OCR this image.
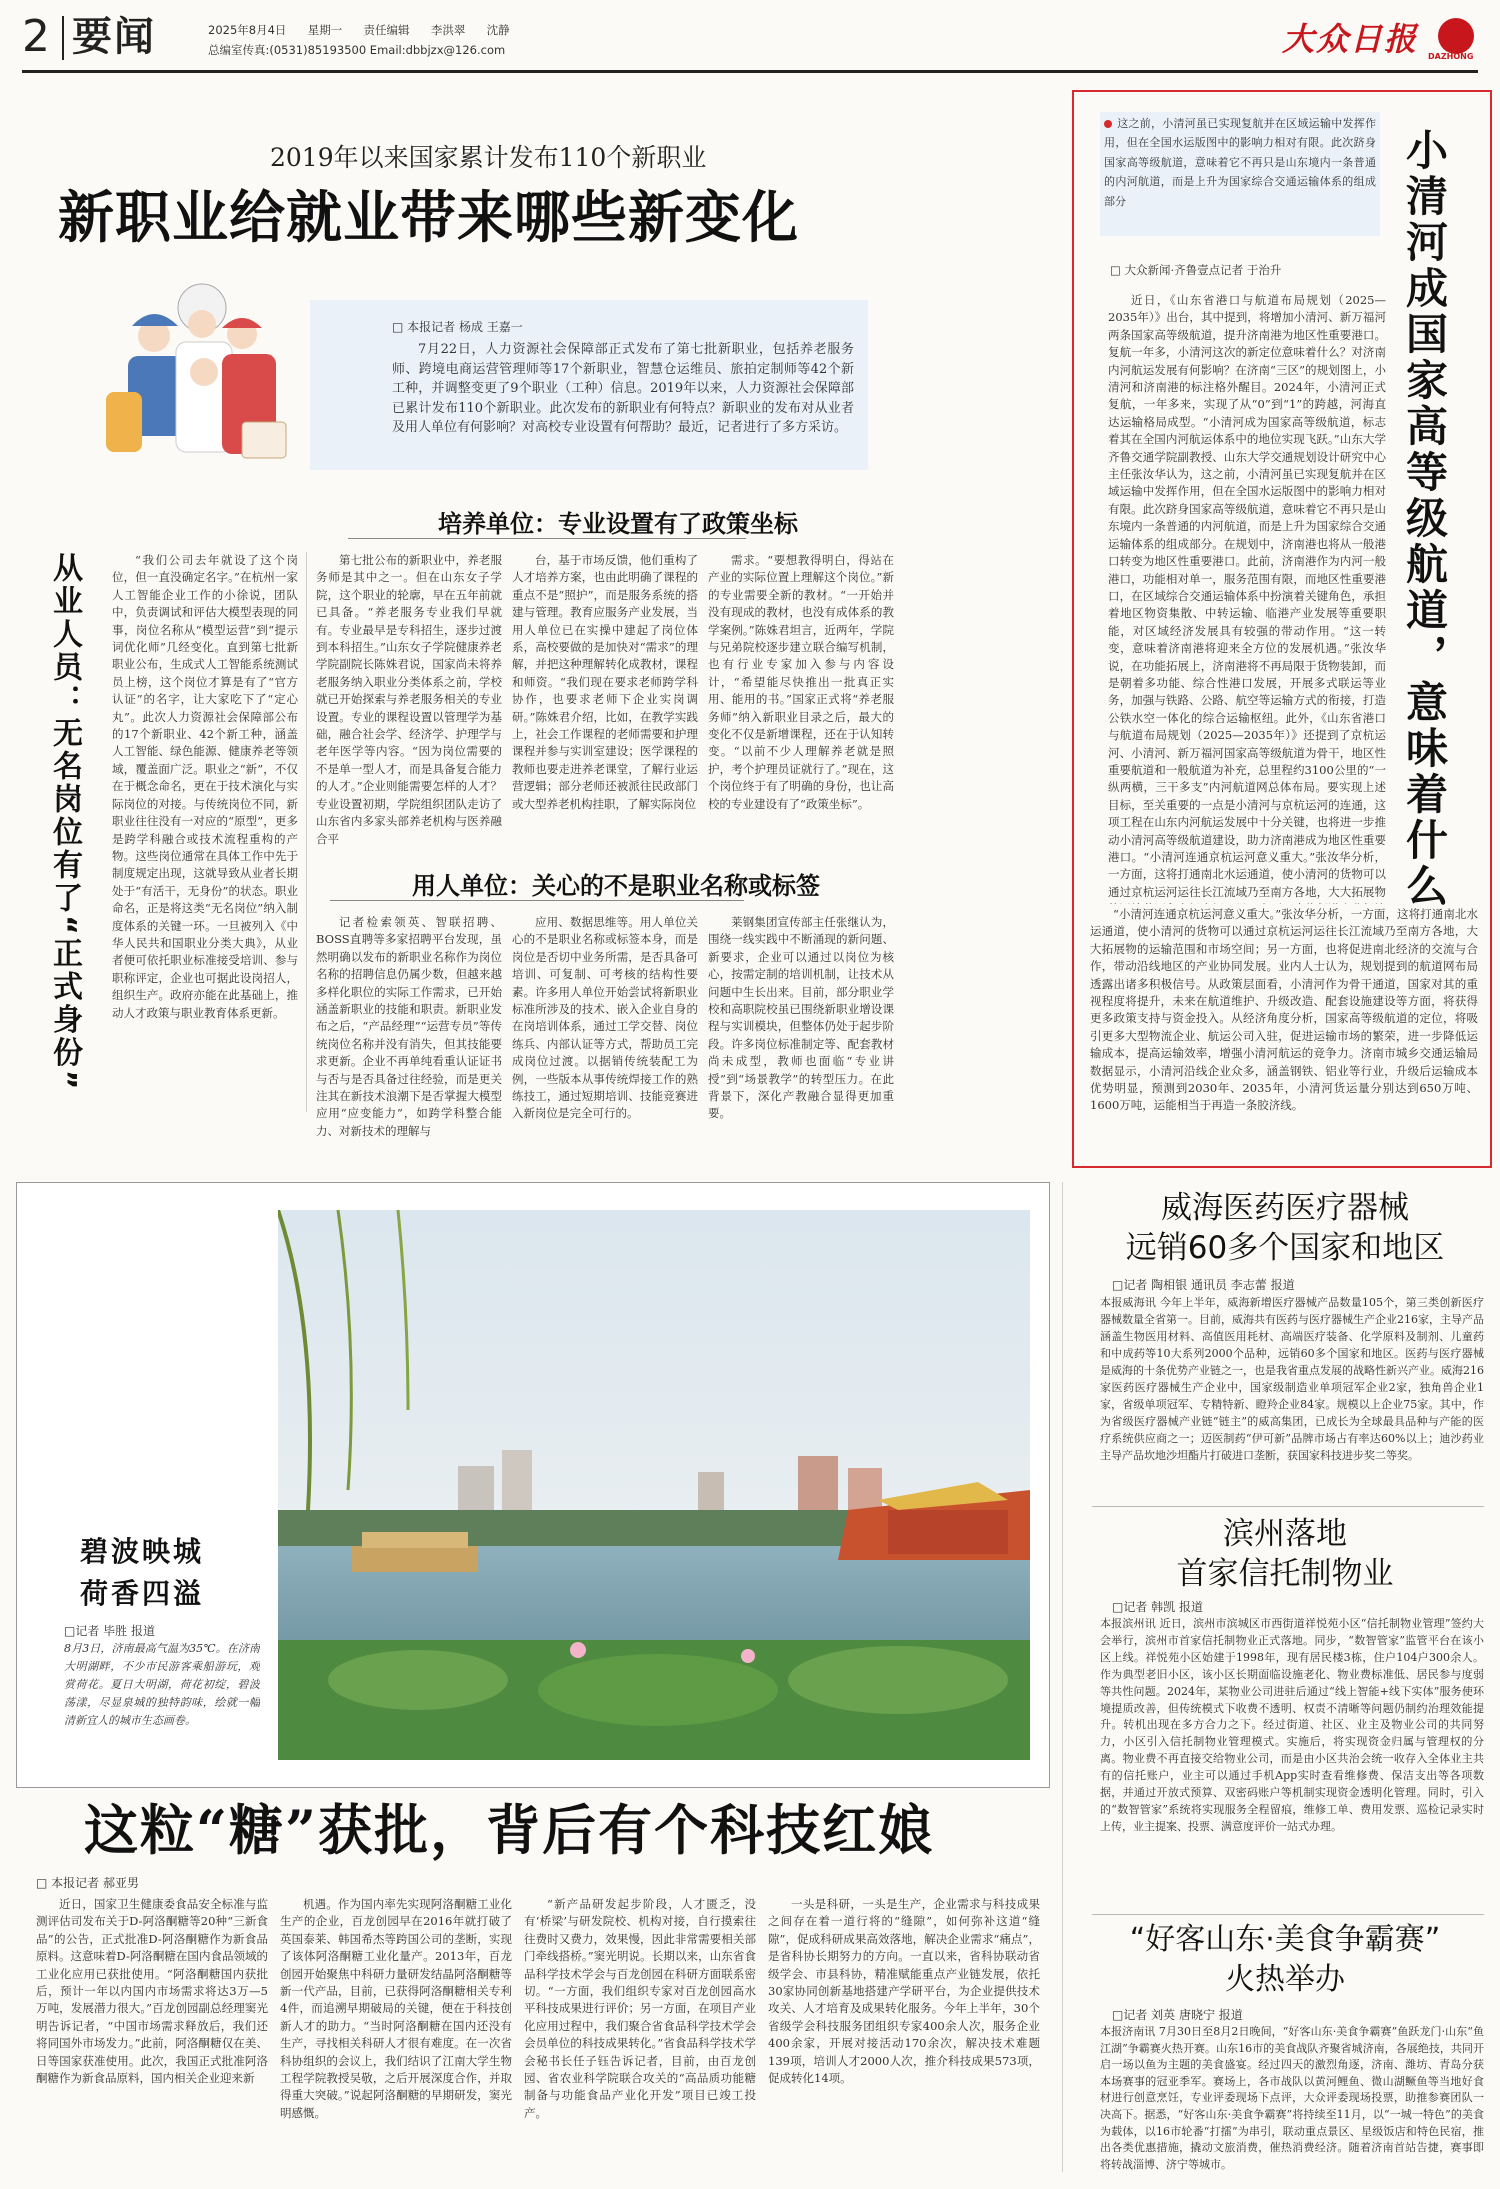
2 要闻	2025年8月4日 星期一 责任编辑 李洪翠 沈静
总编室传真:(0531)85193500 Email:dbbjzx@126.com	大众日报 DAZHONG
2019年以来国家累计发布110个新职业
新职业给就业带来哪些新变化
□ 本报记者 杨成 王嘉一
7月22日，人力资源社会保障部正式发布了第七批新职业，包括养老服务师、跨境电商运营管理师等17个新职业，智慧仓运维员、旅拍定制师等42个新工种，并调整变更了9个职业（工种）信息。2019年以来，人力资源社会保障部已累计发布110个新职业。此次发布的新职业有何特点？新职业的发布对从业者及用人单位有何影响？对高校专业设置有何帮助？最近，记者进行了多方采访。
从业人员：无名岗位有了“正式身份”
培养单位：专业设置有了政策坐标
“我们公司去年就设了这个岗位，但一直没确定名字。”在杭州一家人工智能企业工作的小徐说，团队中，负责调试和评估大模型表现的同事，岗位名称从“模型运营”到“提示词优化师”几经变化。直到第七批新职业公布，生成式人工智能系统测试员上榜，这个岗位才算是有了“官方认证”的名字，让大家吃下了“定心丸”。此次人力资源社会保障部公布的17个新职业、42个新工种，涵盖人工智能、绿色能源、健康养老等领域，覆盖面广泛。职业之“新”，不仅在于概念命名，更在于技术演化与实际岗位的对接。与传统岗位不同，新职业往往没有一对应的“原型”，更多是跨学科融合或技术流程重构的产物。这些岗位通常在具体工作中先于制度规定出现，这就导致从业者长期处于“有活干，无身份”的状态。职业命名，正是将这类“无名岗位”纳入制度体系的关键一环。一旦被列入《中华人民共和国职业分类大典》，从业者便可依托职业标准接受培训、参与职称评定，企业也可据此设岗招人，组织生产。政府亦能在此基础上，推动人才政策与职业教育体系更新。
第七批公布的新职业中，养老服务师是其中之一。但在山东女子学院，这个职业的轮廓，早在五年前就已具备。“养老服务专业我们早就有。专业最早是专科招生，逐步过渡到本科招生。”山东女子学院健康养老学院副院长陈姝君说，国家尚未将养老服务纳入职业分类体系之前，学校就已开始探索与养老服务相关的专业设置。专业的课程设置以管理学为基础，融合社会学、经济学、护理学与老年医学等内容。“因为岗位需要的不是单一型人才，而是具备复合能力的人才。”企业则能需要怎样的人才？专业设置初期，学院组织团队走访了山东省内多家头部养老机构与医养融合平
台，基于市场反馈，他们重构了人才培养方案，也由此明确了课程的重点不是“照护”，而是服务系统的搭建与管理。教育应服务产业发展，当用人单位已在实操中建起了岗位体系，高校要做的是加快对“需求”的理解，并把这种理解转化成教材，课程和师资。“我们现在要求老师跨学科协作，也要求老师下企业实岗调研。”陈姝君介绍，比如，在教学实践上，社会工作课程的老师需要和护理课程并参与实训室建设；医学课程的教师也要走进养老课堂，了解行业运营逻辑；部分老师还被派往民政部门或大型养老机构挂职，了解实际岗位
需求。“要想教得明白，得站在产业的实际位置上理解这个岗位。”新的专业需要全新的教材。“一开始并没有现成的教材，也没有成体系的教学案例。”陈姝君坦言，近两年，学院与兄弟院校逐步建立联合编写机制，也有行业专家加入参与内容设计，“希望能尽快推出一批真正实用、能用的书。”国家正式将“养老服务师”纳入新职业目录之后，最大的变化不仅是新增课程，还在于认知转变。“以前不少人理解养老就是照护，考个护理员证就行了。”现在，这个岗位终于有了明确的身份，也让高校的专业建设有了“政策坐标”。
用人单位：关心的不是职业名称或标签
记者检索领英、智联招聘、BOSS直聘等多家招聘平台发现，虽然明确以发布的新职业名称作为岗位名称的招聘信息仍属少数，但越来越多样化职位的实际工作需求，已开始涵盖新职业的技能和职责。新职业发布之后，“产品经理”“运营专员”等传统岗位名称并没有消失，但其技能要求更新。企业不再单纯看重认证证书与否与是否具备过往经验，而是更关注其在新技术浪潮下是否掌握大模型应用“应变能力”，如跨学科整合能力、对新技术的理解与
应用、数据思维等。用人单位关心的不是职业名称或标签本身，而是岗位是否切中业务所需，是否具备可培训、可复制、可考核的结构性要素。许多用人单位开始尝试将新职业标准所涉及的技术、嵌入企业自身的在岗培训体系，通过工学交替、岗位练兵、内部认证等方式，帮助员工完成岗位过渡。以据销传统装配工为例，一些版本从事传统焊接工作的熟练技工，通过短期培训、技能竞赛进入新岗位是完全可行的。
莱钢集团宣传部主任张继认为，围绕一线实践中不断涌现的新问题、新要求，企业可以通过以岗位为核心，按需定制的培训机制，让技术从问题中生长出来。目前，部分职业学校和高职院校虽已围绕新职业增设课程与实训模块，但整体仍处于起步阶段。许多岗位标准制定等、配套教材尚未成型，教师也面临“专业讲授”到“场景教学”的转型压力。在此背景下，深化产教融合显得更加重要。
这之前，小清河虽已实现复航并在区域运输中发挥作用，但在全国水运版图中的影响力相对有限。此次跻身国家高等级航道，意味着它不再只是山东境内一条普通的内河航道，而是上升为国家综合交通运输体系的组成部分	小清河成国家高等级航道，意味着什么
□ 大众新闻·齐鲁壹点记者 于治升
近日，《山东省港口与航道布局规划（2025—2035年）》出台，其中提到，将增加小清河、新万福河两条国家高等级航道，提升济南港为地区性重要港口。复航一年多，小清河这次的新定位意味着什么？对济南内河航运发展有何影响？在济南“三区”的规划图上，小清河和济南港的标注格外醒目。2024年，小清河正式复航，一年多来，实现了从“0”到“1”的跨越，河海直达运输格局成型。“小清河成为国家高等级航道，标志着其在全国内河航运体系中的地位实现飞跃。”山东大学齐鲁交通学院副教授、山东大学交通规划设计研究中心主任张汝华认为，这之前，小清河虽已实现复航并在区域运输中发挥作用，但在全国水运版图中的影响力相对有限。此次跻身国家高等级航道，意味着它不再只是山东境内一条普通的内河航道，而是上升为国家综合交通运输体系的组成部分。在规划中，济南港也将从一般港口转变为地区性重要港口。此前，济南港作为内河一般港口，功能相对单一，服务范围有限，而地区性重要港口，在区域综合交通运输体系中扮演着关键角色，承担着地区物资集散、中转运输、临港产业发展等重要职能，对区域经济发展具有较强的带动作用。“这一转变，意味着济南港将迎来全方位的发展机遇。”张汝华说，在功能拓展上，济南港将不再局限于货物装卸，而是朝着多功能、综合性港口发展，开展多式联运等业务，加强与铁路、公路、航空等运输方式的衔接，打造公铁水空一体化的综合运输枢纽。此外，《山东省港口与航道布局规划（2025—2035年）》还提到了京杭运河、小清河、新万福河国家高等级航道为骨干，地区性重要航道和一般航道为补充，总里程约3100公里的“一纵两横，三干多支”内河航道网总体布局。要实现上述目标，至关重要的一点是小清河与京杭运河的连通，这项工程在山东内河航运发展中十分关键，也将进一步推动小清河高等级航道建设，助力济南港成为地区性重要港口。“小清河连通京杭运河意义重大。”张汝华分析，一方面，这将打通南北水运通道，使小清河的货物可以通过京杭运河运往长江流域乃至南方各地，大大拓展物
“小清河连通京杭运河意义重大。”张汝华分析，一方面，这将打通南北水运通道，使小清河的货物可以通过京杭运河运往长江流域乃至南方各地，大大拓展物的运输范围和市场空间；另一方面，也将促进南北经济的交流与合作，带动沿线地区的产业协同发展。业内人士认为，规划提到的航道网布局透露出诸多积极信号。从政策层面看，小清河作为骨干通道，国家对其的重视程度将提升，未来在航道维护、升级改造、配套设施建设等方面，将获得更多政策支持与资金投入。从经济角度分析，国家高等级航道的定位，将吸引更多大型物流企业、航运公司入驻，促进运输市场的繁荣，进一步降低运输成本，提高运输效率，增强小清河航运的竞争力。济南市城乡交通运输局数据显示，小清河沿线企业众多，涵盖钢铁、铝业等行业，升级后运输成本优势明显，预测到2030年、2035年，小清河货运量分别达到650万吨、1600万吨，运能相当于再造一条胶济线。
碧波映城
荷香四溢
□记者 毕胜 报道
8月3日，济南最高气温为35℃。在济南大明湖畔，不少市民游客乘船游玩，观赏荷花。夏日大明湖，荷花初绽，碧波荡漾，尽显泉城的独特韵味，绘就一幅清新宜人的城市生态画卷。
这粒“糖”获批，背后有个科技红娘
□ 本报记者 郝亚男
近日，国家卫生健康委食品安全标准与监测评估司发布关于D-阿洛酮糖等20种“三新食品”的公告，正式批准D-阿洛酮糖作为新食品原料。这意味着D-阿洛酮糖在国内食品领域的工业化应用已获批使用。“阿洛酮糖国内获批后，预计一年以内国内市场需求将达3万—5万吨，发展潜力很大。”百龙创园副总经理窦光明告诉记者，“中国市场需求释放后，我们还将同国外市场发力。”此前，阿洛酮糖仅在美、日等国家获准使用。此次，我国正式批准阿洛酮糖作为新食品原料，国内相关企业迎来新
机遇。作为国内率先实现阿洛酮糖工业化生产的企业，百龙创园早在2016年就打破了英国泰莱、韩国希杰等跨国公司的垄断，实现了该体阿洛酮糖工业化量产。2013年，百龙创园开始聚焦中科研力量研发结晶阿洛酮糖等新一代产品，目前，已获得阿洛酮糖相关专利4件，而追溯早期破局的关键，便在于科技创新人才的助力。“当时阿洛酮糖在国内还没有生产，寻找相关科研人才很有难度。在一次省科协组织的会议上，我们结识了江南大学生物工程学院教授吴敬，之后开展深度合作，并取得重大突破。”说起阿洛酮糖的早期研发，窦光明感慨。
“新产品研发起步阶段，人才匮乏，没有‘桥梁’与研发院校、机构对接，自行摸索往往费时又费力，效果慢，因此非常需要相关部门牵线搭桥。”窦光明说。长期以来，山东省食品科学技术学会与百龙创园在科研方面联系密切。“一方面，我们组织专家对百龙创园高水平科技成果进行评价；另一方面，在项目产业化应用过程中，我们聚合省食品科学技术学会会员单位的科技成果转化。”省食品科学技术学会秘书长任子钰告诉记者，目前，由百龙创园、省农业科学院联合攻关的“高品质功能糖制备与功能食品产业化开发”项目已竣工投产。
一头是科研，一头是生产，企业需求与科技成果之间存在着一道行将的“缝隙”，如何弥补这道“缝隙”，促成科研成果高效落地，解决企业需求“痛点”，是省科协长期努力的方向。一直以来，省科协联动省级学会、市县科协，精准赋能重点产业链发展，依托30家协同创新基地搭建产学研平台，为企业提供技术攻关、人才培育及成果转化服务。今年上半年，30个省级学会科技服务团组织专家400余人次，服务企业400余家，开展对接活动170余次，解决技术难题139项，培训人才2000人次，推介科技成果573项，促成转化14项。
威海医药医疗器械
远销60多个国家和地区
□记者 陶相银 通讯员 李志蕾 报道
本报威海讯 今年上半年，威海新增医疗器械产品数量105个，第三类创新医疗器械数量全省第一。目前，威海共有医药与医疗器械生产企业216家，主导产品涵盖生物医用材料、高值医用耗材、高端医疗装备、化学原料及制剂、儿童药和中成药等10大系列2000个品种，远销60多个国家和地区。医药与医疗器械是威海的十条优势产业链之一，也是我省重点发展的战略性新兴产业。威海216家医药医疗器械生产企业中，国家级制造业单项冠军企业2家，独角兽企业1家，省级单项冠军、专精特新、瞪羚企业84家。规模以上企业75家。其中，作为省级医疗器械产业链“链主”的威高集团，已成长为全球最具品种与产能的医疗系统供应商之一；迈医制药“伊可新”品牌市场占有率达60%以上；迪沙药业主导产品坎地沙坦酯片打破进口垄断，获国家科技进步奖二等奖。
滨州落地
首家信托制物业
□记者 韩凯 报道
本报滨州讯 近日，滨州市滨城区市西街道祥悦苑小区“信托制物业管理”签约大会举行，滨州市首家信托制物业正式落地。同步，“数智管家”监管平台在该小区上线。祥悦苑小区始建于1998年，现有居民楼3栋，住户104户300余人。作为典型老旧小区，该小区长期面临设施老化、物业费标准低、居民参与度弱等共性问题。2024年，某物业公司进驻后通过“线上智能+线下实体”服务使环境提质改善，但传统模式下收费不透明、权责不清晰等问题仍制约治理效能提升。转机出现在多方合力之下。经过街道、社区、业主及物业公司的共同努力，小区引入信托制物业管理模式。实施后，将实现资金归属与管理权的分离。物业费不再直接交给物业公司，而是由小区共治会统一收存入全体业主共有的信托账户，业主可以通过手机App实时查看维修费、保洁支出等各项数据，并通过开放式预算、双密码账户等机制实现资金透明化管理。同时，引入的“数智管家”系统将实现服务全程留痕，维修工单、费用发票、巡检记录实时上传，业主提案、投票、满意度评价一站式办理。
“好客山东·美食争霸赛”
火热举办
□记者 刘英 唐晓宁 报道
本报济南讯 7月30日至8月2日晚间，“好客山东·美食争霸赛”鱼跃龙门·山东“鱼江湖”争霸赛火热开赛。山东16市的美食战队齐聚省城济南，各展绝技，共同开启一场以鱼为主题的美食盛宴。经过四天的激烈角逐，济南、潍坊、青岛分获本场赛事的冠亚季军。赛场上，各市战队以黄河鲤鱼、微山湖鳜鱼等当地好食材进行创意烹饪，专业评委现场下点评，大众评委现场投票，助推参赛团队一决高下。据悉，“好客山东·美食争霸赛”将持续至11月，以“一城一特色”的美食为载体，以16市轮番“打擂”为串引，联动重点景区、星级饭店和特色民宿，推出各类优惠措施，撬动文旅消费，催热消费经济。随着济南首站告捷，赛事即将转战淄博、济宁等城市。
